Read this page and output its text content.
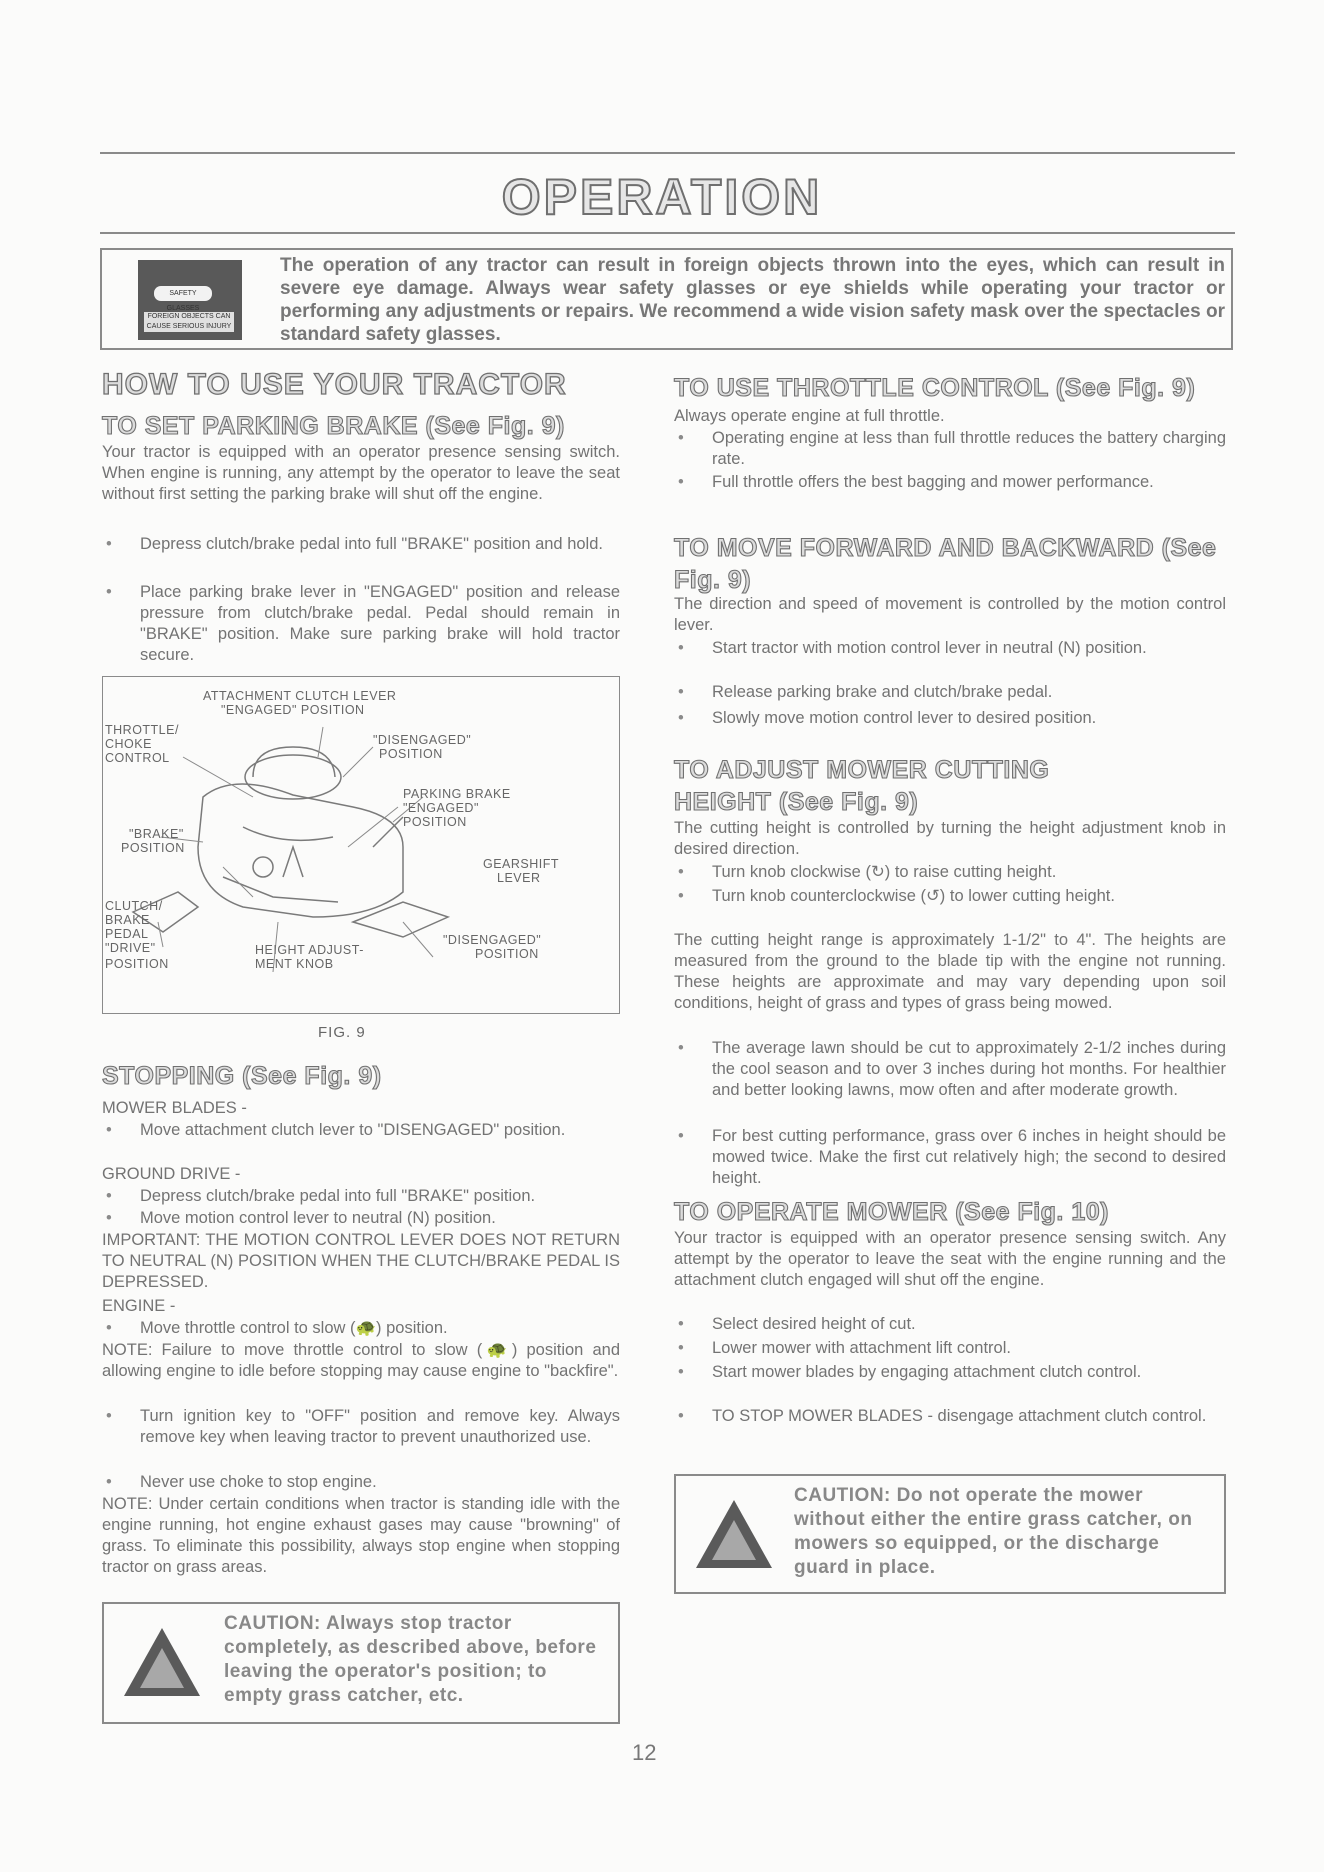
OPERATION
SAFETY GLASSES
FOREIGN OBJECTS CAN CAUSE SERIOUS INJURY
The operation of any tractor can result in foreign objects thrown into the eyes, which can result in severe eye damage. Always wear safety glasses or eye shields while operating your tractor or performing any adjustments or repairs. We recommend a wide vision safety mask over the spectacles or standard safety glasses.
HOW TO USE YOUR TRACTOR
TO SET PARKING BRAKE (See Fig. 9)
Your tractor is equipped with an operator presence sensing switch. When engine is running, any attempt by the operator to leave the seat without first setting the parking brake will shut off the engine.
• Depress clutch/brake pedal into full "BRAKE" position and hold.
• Place parking brake lever in "ENGAGED" position and release pressure from clutch/brake pedal. Pedal should remain in "BRAKE" position. Make sure parking brake will hold tractor secure.
ATTACHMENT CLUTCH LEVER
"ENGAGED" POSITION
THROTTLE/
CHOKE
CONTROL
"DISENGAGED"
POSITION
PARKING BRAKE
"ENGAGED"
POSITION
"BRAKE"
POSITION
GEARSHIFT
LEVER
CLUTCH/
BRAKE
PEDAL
"DRIVE"
POSITION
HEIGHT ADJUST-
MENT KNOB
"DISENGAGED"
POSITION
FIG. 9
STOPPING (See Fig. 9)
MOWER BLADES -
• Move attachment clutch lever to "DISENGAGED" position.
GROUND DRIVE -
• Depress clutch/brake pedal into full "BRAKE" position.
• Move motion control lever to neutral (N) position.
IMPORTANT: THE MOTION CONTROL LEVER DOES NOT RETURN TO NEUTRAL (N) POSITION WHEN THE CLUTCH/BRAKE PEDAL IS DEPRESSED.
ENGINE -
• Move throttle control to slow (🐢) position.
NOTE: Failure to move throttle control to slow (🐢) position and allowing engine to idle before stopping may cause engine to "backfire".
• Turn ignition key to "OFF" position and remove key. Always remove key when leaving tractor to prevent unauthorized use.
• Never use choke to stop engine.
NOTE: Under certain conditions when tractor is standing idle with the engine running, hot engine exhaust gases may cause "browning" of grass. To eliminate this possibility, always stop engine when stopping tractor on grass areas.
CAUTION: Always stop tractor completely, as described above, before leaving the operator's position; to empty grass catcher, etc.
TO USE THROTTLE CONTROL (See Fig. 9)
Always operate engine at full throttle.
• Operating engine at less than full throttle reduces the battery charging rate.
• Full throttle offers the best bagging and mower performance.
TO MOVE FORWARD AND BACKWARD (See Fig. 9)
The direction and speed of movement is controlled by the motion control lever.
• Start tractor with motion control lever in neutral (N) position.
• Release parking brake and clutch/brake pedal.
• Slowly move motion control lever to desired position.
TO ADJUST MOWER CUTTING HEIGHT (See Fig. 9)
The cutting height is controlled by turning the height adjustment knob in desired direction.
• Turn knob clockwise (↻) to raise cutting height.
• Turn knob counterclockwise (↺) to lower cutting height.
The cutting height range is approximately 1-1/2" to 4". The heights are measured from the ground to the blade tip with the engine not running. These heights are approximate and may vary depending upon soil conditions, height of grass and types of grass being mowed.
• The average lawn should be cut to approximately 2-1/2 inches during the cool season and to over 3 inches during hot months. For healthier and better looking lawns, mow often and after moderate growth.
• For best cutting performance, grass over 6 inches in height should be mowed twice. Make the first cut relatively high; the second to desired height.
TO OPERATE MOWER (See Fig. 10)
Your tractor is equipped with an operator presence sensing switch. Any attempt by the operator to leave the seat with the engine running and the attachment clutch engaged will shut off the engine.
• Select desired height of cut.
• Lower mower with attachment lift control.
• Start mower blades by engaging attachment clutch control.
• TO STOP MOWER BLADES - disengage attachment clutch control.
CAUTION: Do not operate the mower without either the entire grass catcher, on mowers so equipped, or the discharge guard in place.
12
